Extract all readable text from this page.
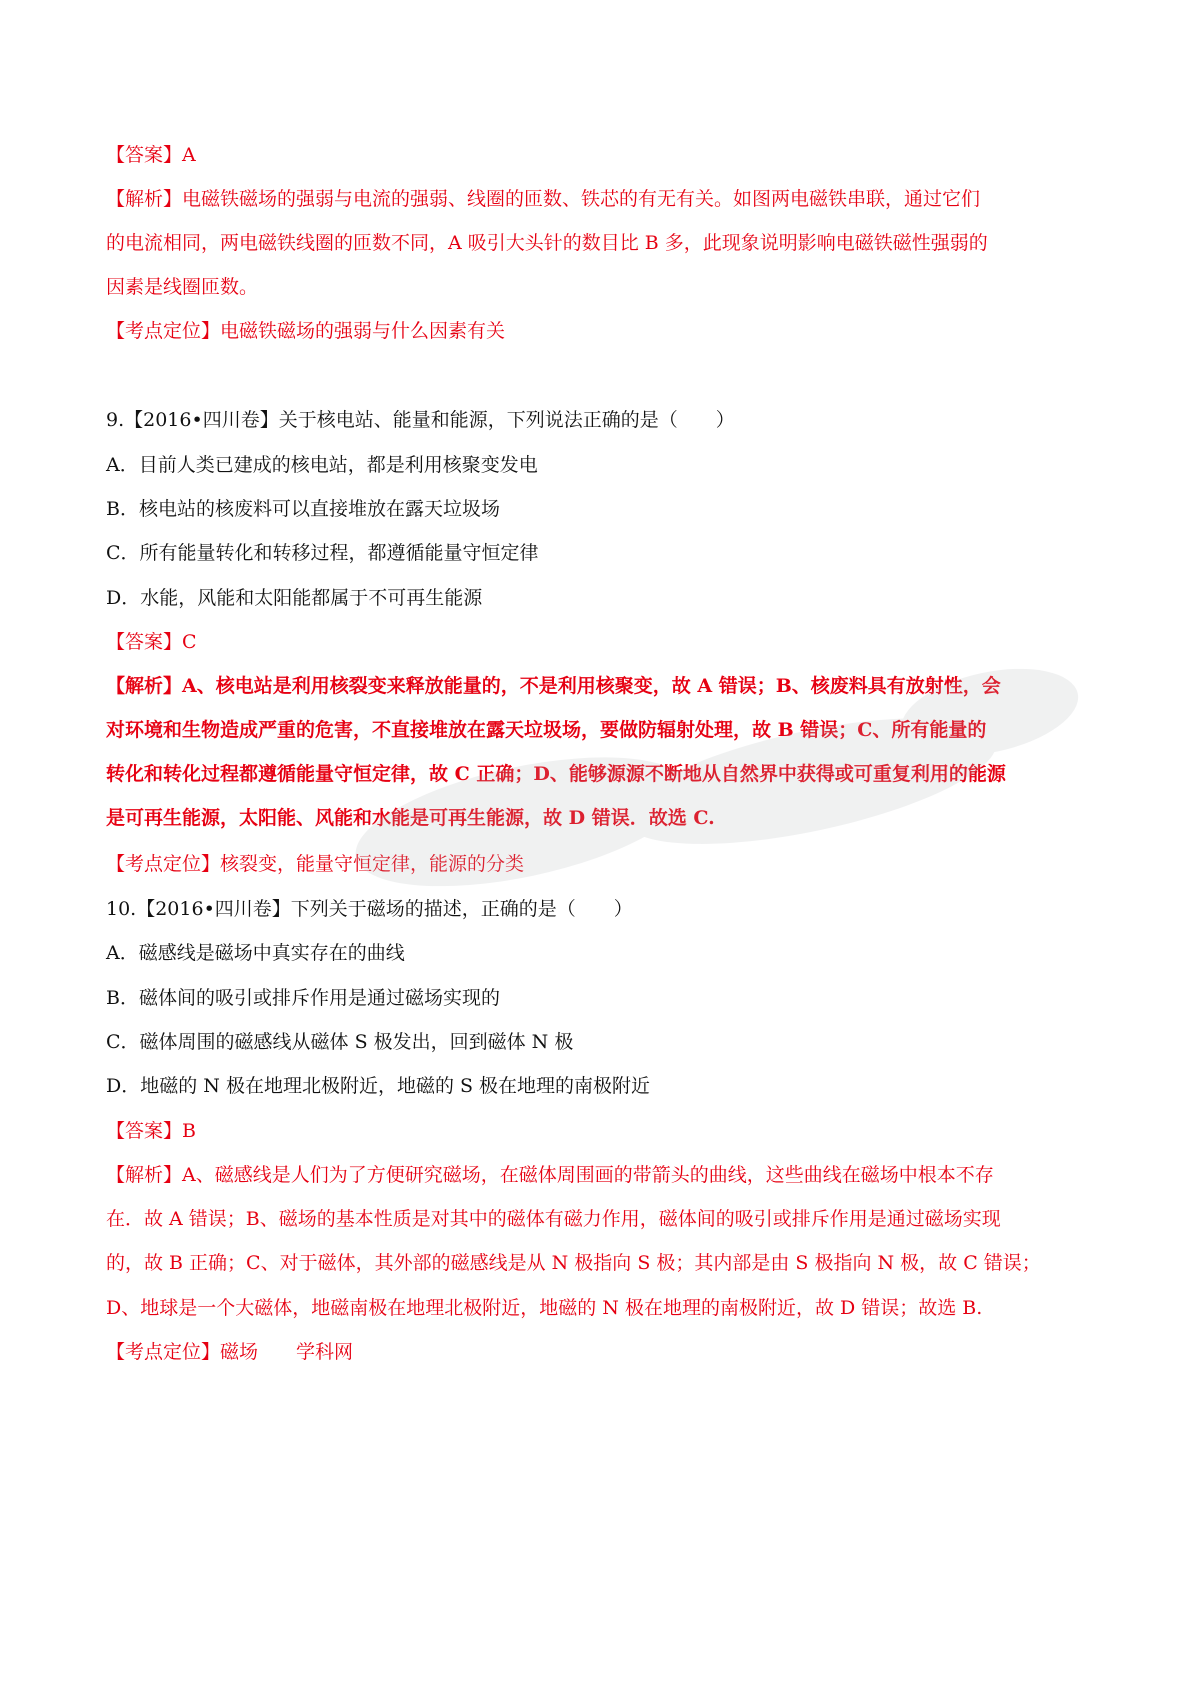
【答案】A
【解析】电磁铁磁场的强弱与电流的强弱、线圈的匝数、铁芯的有无有关。如图两电磁铁串联，通过它们
的电流相同，两电磁铁线圈的匝数不同，A 吸引大头针的数目比 B 多，此现象说明影响电磁铁磁性强弱的
因素是线圈匝数。
【考点定位】电磁铁磁场的强弱与什么因素有关
9.【2016•四川卷】关于核电站、能量和能源，下列说法正确的是（　　）
A．目前人类已建成的核电站，都是利用核聚变发电
B．核电站的核废料可以直接堆放在露天垃圾场
C．所有能量转化和转移过程，都遵循能量守恒定律
D．水能，风能和太阳能都属于不可再生能源
【答案】C
【解析】A、核电站是利用核裂变来释放能量的，不是利用核聚变，故 A 错误；B、核废料具有放射性，会
对环境和生物造成严重的危害，不直接堆放在露天垃圾场，要做防辐射处理，故 B 错误；C、所有能量的
转化和转化过程都遵循能量守恒定律，故 C 正确；D、能够源源不断地从自然界中获得或可重复利用的能源
是可再生能源，太阳能、风能和水能是可再生能源，故 D 错误．故选 C.
【考点定位】核裂变，能量守恒定律，能源的分类
10.【2016•四川卷】下列关于磁场的描述，正确的是（　　）
A．磁感线是磁场中真实存在的曲线
B．磁体间的吸引或排斥作用是通过磁场实现的
C．磁体周围的磁感线从磁体 S 极发出，回到磁体 N 极
D．地磁的 N 极在地理北极附近，地磁的 S 极在地理的南极附近
【答案】B
【解析】A、磁感线是人们为了方便研究磁场，在磁体周围画的带箭头的曲线，这些曲线在磁场中根本不存
在．故 A 错误；B、磁场的基本性质是对其中的磁体有磁力作用，磁体间的吸引或排斥作用是通过磁场实现
的，故 B 正确；C、对于磁体，其外部的磁感线是从 N 极指向 S 极；其内部是由 S 极指向 N 极，故 C 错误；
D、地球是一个大磁体，地磁南极在地理北极附近，地磁的 N 极在地理的南极附近，故 D 错误；故选 B.
【考点定位】磁场　　学科网
